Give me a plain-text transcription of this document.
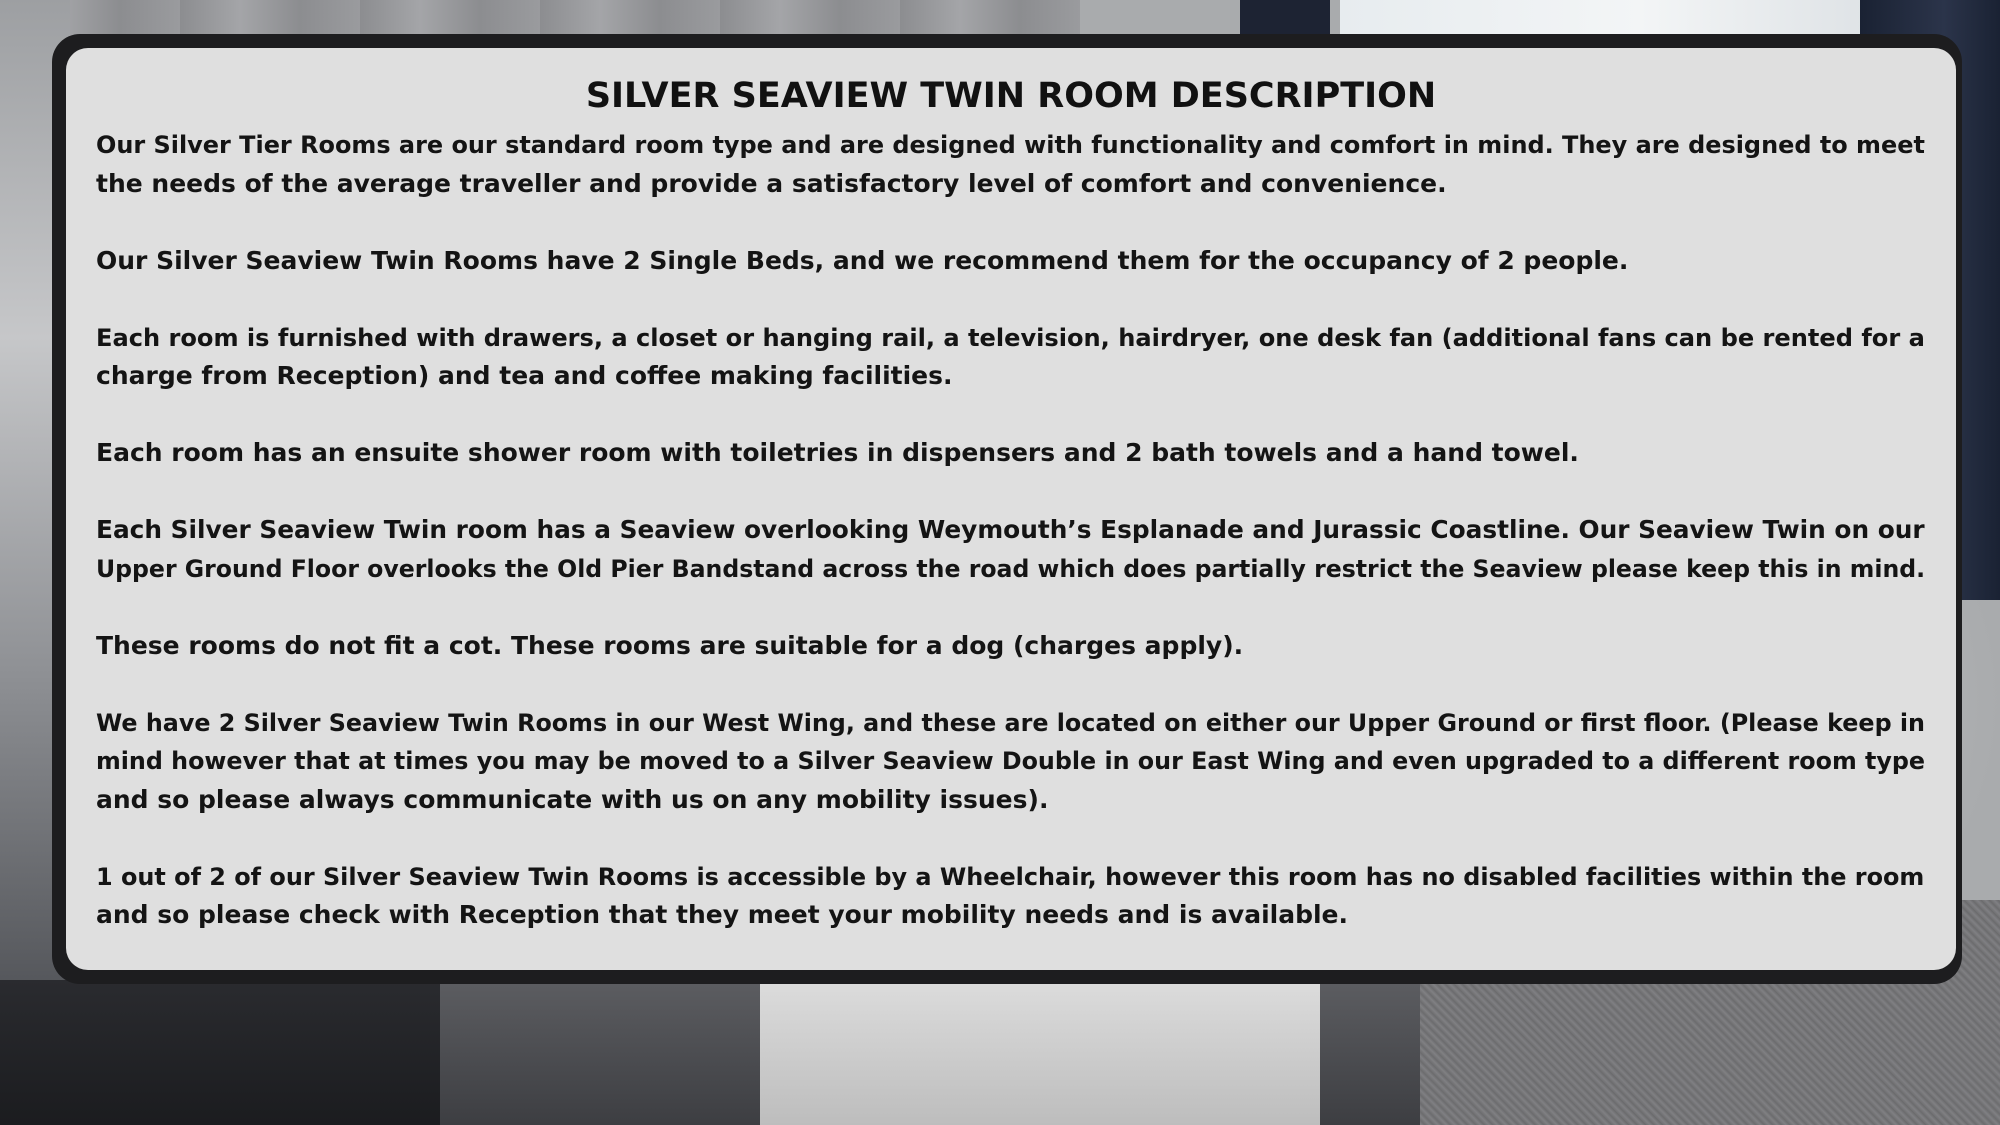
SILVER SEAVIEW TWIN ROOM DESCRIPTION

Our Silver Tier Rooms are our standard room type and are designed with functionality and comfort in mind. They are designed to meet
the needs of the average traveller and provide a satisfactory level of comfort and convenience.

Our Silver Seaview Twin Rooms have 2 Single Beds, and we recommend them for the occupancy of 2 people.

Each room is furnished with drawers, a closet or hanging rail, a television, hairdryer, one desk fan (additional fans can be rented for a
charge from Reception) and tea and coffee making facilities.

Each room has an ensuite shower room with toiletries in dispensers and 2 bath towels and a hand towel.

Each Silver Seaview Twin room has a Seaview overlooking Weymouth’s Esplanade and Jurassic Coastline. Our Seaview Twin on our
Upper Ground Floor overlooks the Old Pier Bandstand across the road which does partially restrict the Seaview please keep this in mind.

These rooms do not fit a cot. These rooms are suitable for a dog (charges apply).

We have 2 Silver Seaview Twin Rooms in our West Wing, and these are located on either our Upper Ground or first floor. (Please keep in
mind however that at times you may be moved to a Silver Seaview Double in our East Wing and even upgraded to a different room type
and so please always communicate with us on any mobility issues).

1 out of 2 of our Silver Seaview Twin Rooms is accessible by a Wheelchair, however this room has no disabled facilities within the room
and so please check with Reception that they meet your mobility needs and is available.
